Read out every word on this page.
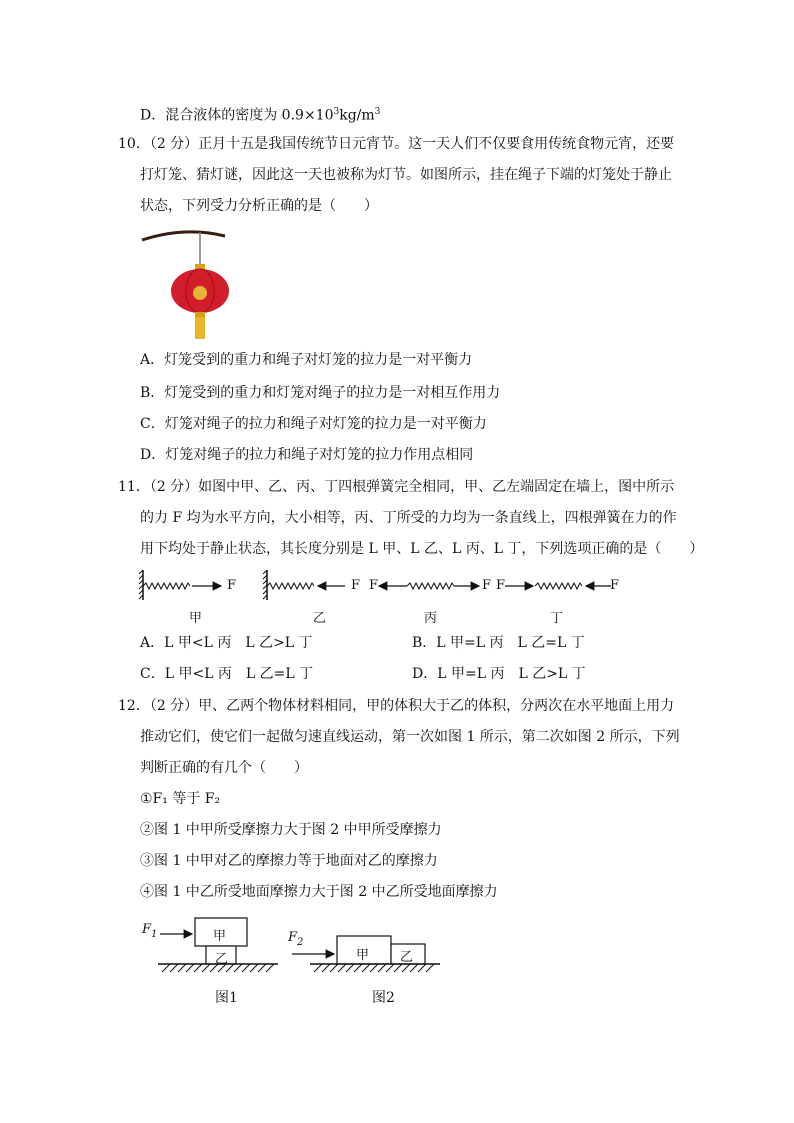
D．混合液体的密度为 $0.9\times 10^3kg/m^3$
10．（2 分）正月十五是我国传统节日元宵节。这一天人们不仅要食用传统食物元宵，还要
打灯笼、猜灯谜，因此这一天也被称为灯节。如图所示，挂在绳子下端的灯笼处于静止
状态，下列受力分析正确的是（　　）
A．灯笼受到的重力和绳子对灯笼的拉力是一对平衡力
B．灯笼受到的重力和灯笼对绳子的拉力是一对相互作用力
C．灯笼对绳子的拉力和绳子对灯笼的拉力是一对平衡力
D．灯笼对绳子的拉力和绳子对灯笼的拉力作用点相同
11．（2 分）如图中甲、乙、丙、丁四根弹簧完全相同，甲、乙左端固定在墙上，图中所示
的力 F 均为水平方向，大小相等，丙、丁所受的力均为一条直线上，四根弹簧在力的作
用下均处于静止状态，其长度分别是 L 甲、L 乙、L 丙、L 丁，下列选项正确的是（　　）
F	F F	F F	F
甲	乙	丙	丁
A．L 甲<L 丙　L 乙>L 丁	B．L 甲=L 丙　L 乙=L 丁
C．L 甲<L 丙　L 乙=L 丁	D．L 甲=L 丙　L 乙>L 丁
12．（2 分）甲、乙两个物体材料相同，甲的体积大于乙的体积，分两次在水平地面上用力
推动它们，使它们一起做匀速直线运动，第一次如图 1 所示，第二次如图 2 所示，下列
判断正确的有几个（　　）
①F₁ 等于 F₂
②图 1 中甲所受摩擦力大于图 2 中甲所受摩擦力
③图 1 中甲对乙的摩擦力等于地面对乙的摩擦力
④图 1 中乙所受地面摩擦力大于图 2 中乙所受地面摩擦力
$F_1$	甲
乙
$F_2$
甲 乙
图1	图2
